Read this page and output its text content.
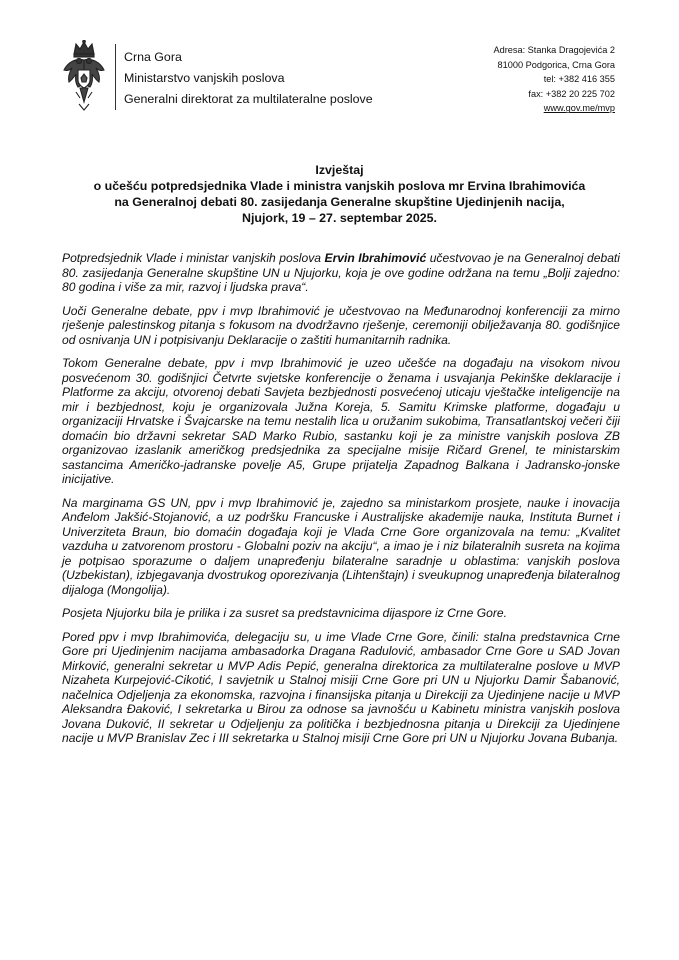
Crna Gora
Ministarstvo vanjskih poslova
Generalni direktorat za multilateralne poslove
Adresa: Stanka Dragojevića 2
81000 Podgorica, Crna Gora
tel: +382 416 355
fax: +382 20 225 702
www.gov.me/mvp
Izvještaj
o učešću potpredsjednika Vlade i ministra vanjskih poslova mr Ervina Ibrahimovića
na Generalnoj debati 80. zasijedanja Generalne skupštine Ujedinjenih nacija,
Njujork, 19 – 27. septembar 2025.

Potpredsjednik Vlade i ministar vanjskih poslova Ervin Ibrahimović učestvovao je na Generalnoj debati 80. zasijedanja Generalne skupštine UN u Njujorku, koja je ove godine održana na temu „Bolji zajedno: 80 godina i više za mir, razvoj i ljudska prava“.

Uoči Generalne debate, ppv i mvp Ibrahimović je učestvovao na Međunarodnoj konferenciji za mirno rješenje palestinskog pitanja s fokusom na dvodržavno rješenje, ceremoniji obilježavanja 80. godišnjice od osnivanja UN i potpisivanju Deklaracije o zaštiti humanitarnih radnika.

Tokom Generalne debate, ppv i mvp Ibrahimović je uzeo učešće na događaju na visokom nivou posvećenom 30. godišnjici Četvrte svjetske konferencije o ženama i usvajanja Pekinške deklaracije i Platforme za akciju, otvorenoj debati Savjeta bezbjednosti posvećenoj uticaju vještačke inteligencije na mir i bezbjednost, koju je organizovala Južna Koreja, 5. Samitu Krimske platforme, događaju u organizaciji Hrvatske i Švajcarske na temu nestalih lica u oružanim sukobima, Transatlantskoj večeri čiji domaćin bio državni sekretar SAD Marko Rubio, sastanku koji je za ministre vanjskih poslova ZB organizovao izaslanik američkog predsjednika za specijalne misije Ričard Grenel, te ministarskim sastancima Američko-jadranske povelje A5, Grupe prijatelja Zapadnog Balkana i Jadransko-jonske inicijative.

Na marginama GS UN, ppv i mvp Ibrahimović je, zajedno sa ministarkom prosjete, nauke i inovacija Anđelom Jakšić-Stojanović, a uz podršku Francuske i Australijske akademije nauka, Instituta Burnet i Univerziteta Braun, bio domaćin događaja koji je Vlada Crne Gore organizovala na temu: „Kvalitet vazduha u zatvorenom prostoru - Globalni poziv na akciju“, a imao je i niz bilateralnih susreta na kojima je potpisao sporazume o daljem unapređenju bilateralne saradnje u oblastima: vanjskih poslova (Uzbekistan), izbjegavanja dvostrukog oporezivanja (Lihtenštajn) i sveukupnog unapređenja bilateralnog dijaloga (Mongolija).

Posjeta Njujorku bila je prilika i za susret sa predstavnicima dijaspore iz Crne Gore.

Pored ppv i mvp Ibrahimovića, delegaciju su, u ime Vlade Crne Gore, činili: stalna predstavnica Crne Gore pri Ujedinjenim nacijama ambasadorka Dragana Radulović, ambasador Crne Gore u SAD Jovan Mirković, generalni sekretar u MVP Adis Pepić, generalna direktorica za multilateralne poslove u MVP Nizaheta Kurpejović-Cikotić, I savjetnik u Stalnoj misiji Crne Gore pri UN u Njujorku Damir Šabanović, načelnica Odjeljenja za ekonomska, razvojna i finansijska pitanja u Direkciji za Ujedinjene nacije u MVP Aleksandra Đaković, I sekretarka u Birou za odnose sa javnošću u Kabinetu ministra vanjskih poslova Jovana Duković, II sekretar u Odjeljenju za politička i bezbjednosna pitanja u Direkciji za Ujedinjene nacije u MVP Branislav Zec i III sekretarka u Stalnoj misiji Crne Gore pri UN u Njujorku Jovana Bubanja.
